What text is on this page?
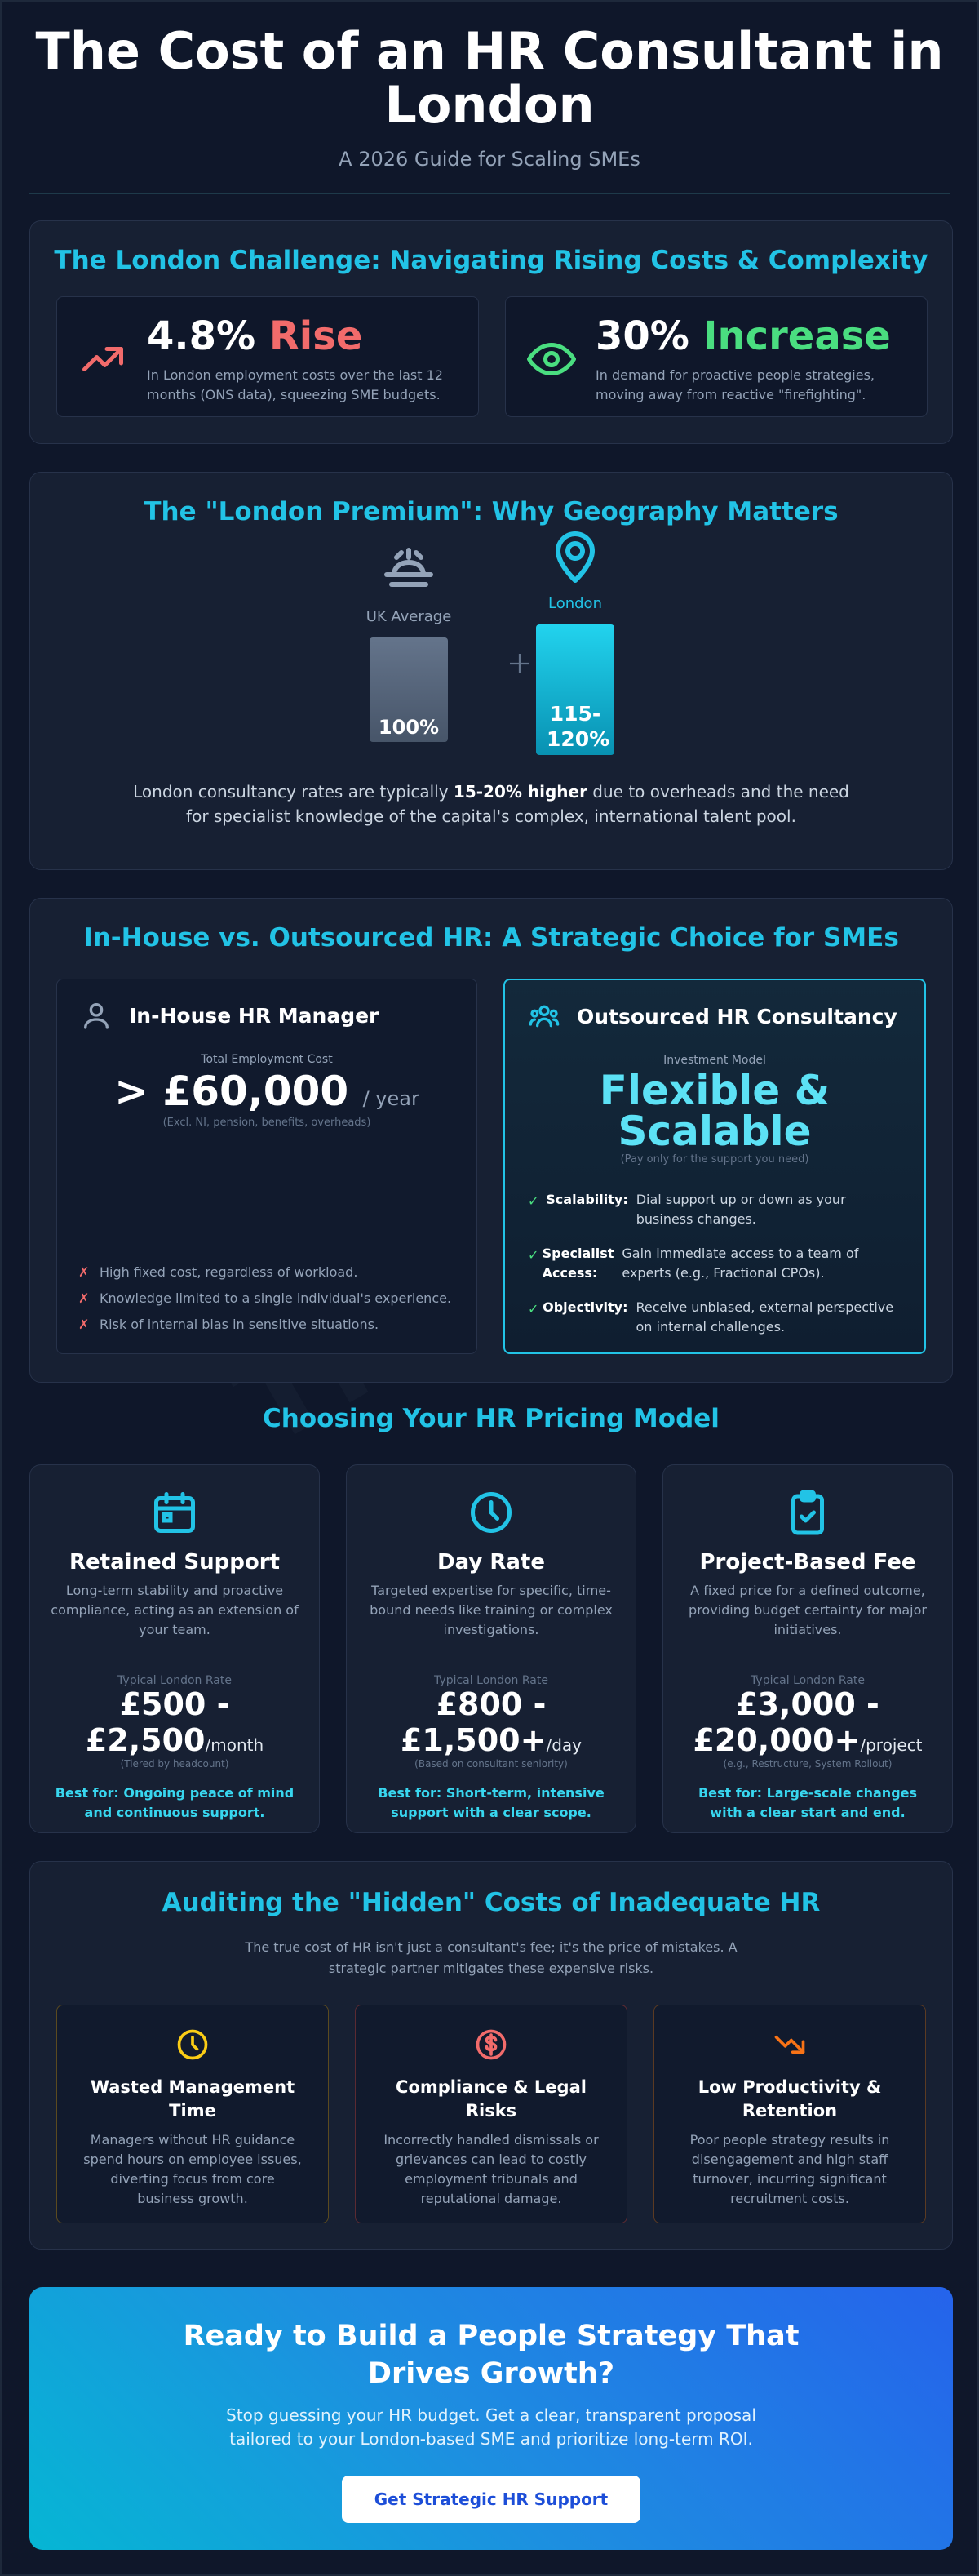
The Cost of an HR Consultant in London

A 2026 Guide for Scaling SMEs

The London Challenge: Navigating Rising Costs & Complexity
4.8% Rise

In London employment costs over the last 12 months (ONS data), squeezing SME budgets.

30% Increase

In demand for proactive people strategies, moving away from reactive "firefighting".

The "London Premium": Why Geography Matters
UK Average
100%
London
115-120%

London consultancy rates are typically 15-20% higher due to overheads and the need for specialist knowledge of the capital's complex, international talent pool.

In-House vs. Outsourced HR: A Strategic Choice for SMEs
In-House HR Manager

Total Employment Cost

> £60,000 / year

(Excl. NI, pension, benefits, overheads)

✗ High fixed cost, regardless of workload.
✗ Knowledge limited to a single individual's experience.
✗ Risk of internal bias in sensitive situations.
Outsourced HR Consultancy

Investment Model

Flexible & Scalable

(Pay only for the support you need)

✓ Scalability: Dial support up or down as your business changes.
✓ Specialist Access:
Gain immediate access to a team of experts (e.g., Fractional CPOs).
✓ Objectivity: Receive unbiased, external perspective on internal challenges.
Choosing Your HR Pricing Model

Retained Support

Long-term stability and proactive compliance, acting as an extension of your team.

Typical London Rate

£500 -
£2,500/month

(Tiered by headcount)

Best for: Ongoing peace of mind and continuous support.

Day Rate

Targeted expertise for specific, time-bound needs like training or complex investigations.

Typical London Rate

£800 -
£1,500+/day

(Based on consultant seniority)

Best for: Short-term, intensive support with a clear scope.

Project-Based Fee

A fixed price for a defined outcome, providing budget certainty for major initiatives.

Typical London Rate

£3,000 -
£20,000+/project

(e.g., Restructure, System Rollout)

Best for: Large-scale changes with a clear start and end.

Auditing the "Hidden" Costs of Inadequate HR

The true cost of HR isn't just a consultant's fee; it's the price of mistakes. A strategic partner mitigates these expensive risks.

Wasted Management Time

Managers without HR guidance spend hours on employee issues, diverting focus from core business growth.

Compliance & Legal Risks

Incorrectly handled dismissals or grievances can lead to costly employment tribunals and reputational damage.

Low Productivity & Retention

Poor people strategy results in disengagement and high staff turnover, incurring significant recruitment costs.

Ready to Build a People Strategy That Drives Growth?

Stop guessing your HR budget. Get a clear, transparent proposal tailored to your London-based SME and prioritize long-term ROI.

Get Strategic HR Support
